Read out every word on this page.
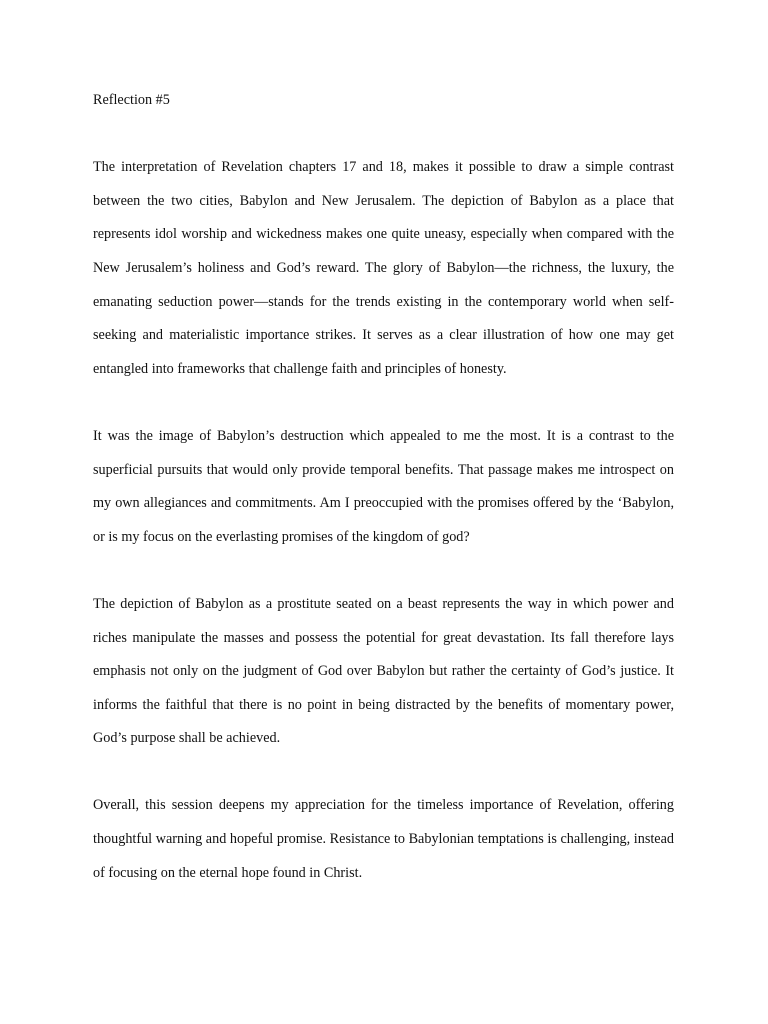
Reflection #5

The interpretation of Revelation chapters 17 and 18, makes it possible to draw a simple contrast between the two cities, Babylon and New Jerusalem. The depiction of Babylon as a place that represents idol worship and wickedness makes one quite uneasy, especially when compared with the New Jerusalem’s holiness and God’s reward. The glory of Babylon—the richness, the luxury, the emanating seduction power—stands for the trends existing in the contemporary world when self-seeking and materialistic importance strikes. It serves as a clear illustration of how one may get entangled into frameworks that challenge faith and principles of honesty.

It was the image of Babylon’s destruction which appealed to me the most. It is a contrast to the superficial pursuits that would only provide temporal benefits. That passage makes me introspect on my own allegiances and commitments. Am I preoccupied with the promises offered by the ‘Babylon, or is my focus on the everlasting promises of the kingdom of god?

The depiction of Babylon as a prostitute seated on a beast represents the way in which power and riches manipulate the masses and possess the potential for great devastation. Its fall therefore lays emphasis not only on the judgment of God over Babylon but rather the certainty of God’s justice. It informs the faithful that there is no point in being distracted by the benefits of momentary power, God’s purpose shall be achieved.

Overall, this session deepens my appreciation for the timeless importance of Revelation, offering thoughtful warning and hopeful promise. Resistance to Babylonian temptations is challenging, instead of focusing on the eternal hope found in Christ.
